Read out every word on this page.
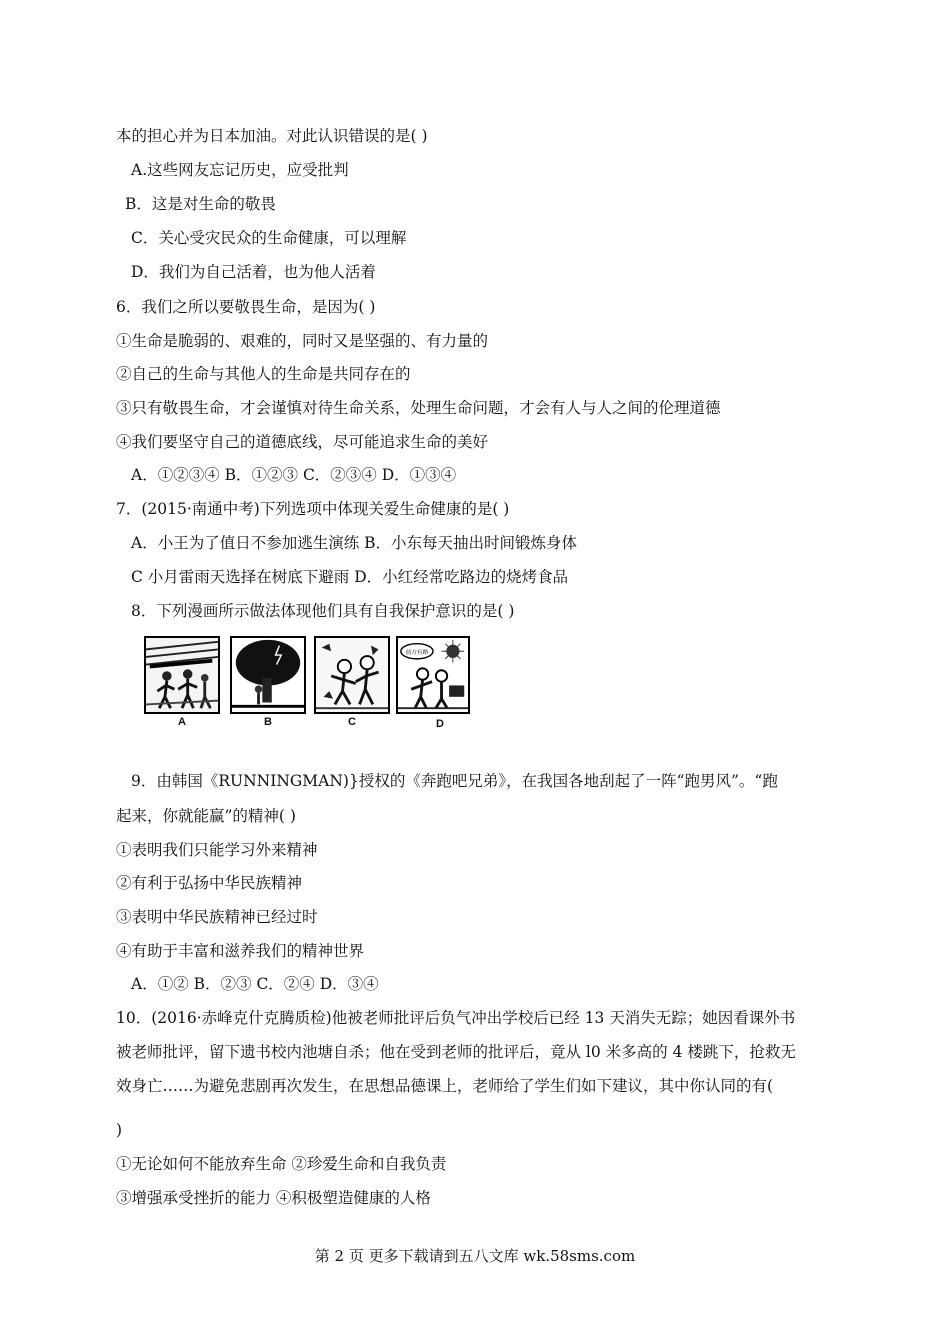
本的担心并为日本加油。对此认识错误的是( )
A.这些网友忘记历史，应受批判
B．这是对生命的敬畏
C．关心受灾民众的生命健康，可以理解
D．我们为自己活着，也为他人活着
6．我们之所以要敬畏生命，是因为( )
①生命是脆弱的、艰难的，同时又是坚强的、有力量的
②自己的生命与其他人的生命是共同存在的
③只有敬畏生命，才会谨慎对待生命关系，处理生命问题，才会有人与人之间的伦理道德
④我们要坚守自己的道德底线，尽可能追求生命的美好
A．①②③④ B．①②③ C．②③④ D．①③④
7．(2015·南通中考)下列选项中体现关爱生命健康的是( )
A．小王为了值日不参加逃生演练 B．小东每天抽出时间锻炼身体
C 小月雷雨天选择在树底下避雨 D．小红经常吃路边的烧烤食品
8．下列漫画所示做法体现他们具有自我保护意识的是( )
A	B	C
前方有路
D
9．由韩国《RUNNINGMAN)}授权的《奔跑吧兄弟》，在我国各地刮起了一阵“跑男风”。“跑
起来，你就能赢”的精神( )
①表明我们只能学习外来精神
②有利于弘扬中华民族精神
③表明中华民族精神已经过时
④有助于丰富和滋养我们的精神世界
A．①② B．②③ C．②④ D．③④
10．(2016·赤峰克什克腾质检)他被老师批评后负气冲出学校后已经 13 天消失无踪；她因看课外书
被老师批评，留下遗书校内池塘自杀；他在受到老师的批评后，竟从 l0 米多高的 4 楼跳下，抢救无
效身亡……为避免悲剧再次发生，在思想品德课上，老师给了学生们如下建议，其中你认同的有(
)
①无论如何不能放弃生命 ②珍爱生命和自我负责
③增强承受挫折的能力 ④积极塑造健康的人格
第 2 页 更多下载请到五八文库 wk.58sms.com
